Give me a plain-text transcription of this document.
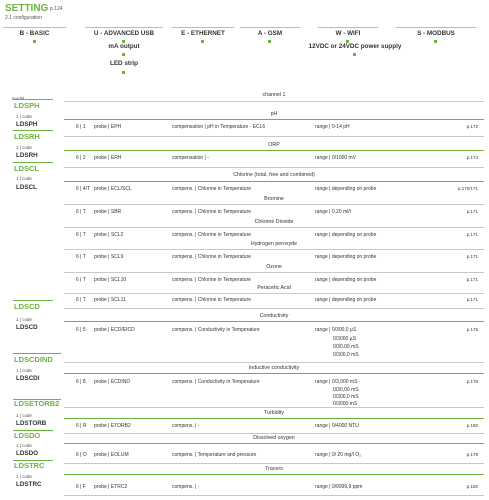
SETTING p.124
2.1 configuration
B - BASIC	U - ADVANCED USB	E - ETHERNET	A - GSM	W - WIFI	S - MODBUS
mA output	12VDC or 24VDC power supply
LED strip
channel 1
LDSPH
pH
1 | code
LDSPH	6 | 1 probe | EPH	compensation | pH in Temperature - ECL6	range | 0-14 pH	p.172
LDSRH
ORP
1 | code
LDSRH	6 | 2 probe | ERH	compensation | -	range | 0/1000 mV	p.173
LDSCL
Chlorine (total, free and combined)
1 | code
LDSCL	6 | 4/T probe | ECL/SCL	compens. | Chlorine in Temperature	range | depending on probe	p.170/171
Bromine
6 | T probe | SBR	compens. | Chlorine in Temperature	range | 0.20 ml/l	p.171
Chlorine Dioxide
6 | T probe | SCL2	compens. | Chlorine in Temperature	range | depending on probe	p.171
Hydrogen peroxyde
6 | T probe | SCL9	compens. | Chlorine in Temperature	range | depending on probe	p.171
Ozone
6 | T probe | SCL10	compens. | Chlorine in Temperature	range | depending on probe	p.171
Peracetic Acid
6 | T probe | SCL11	compens. | Chlorine in Temperature	range | depending on probe	p.171
LDSCD
Conductivity
1 | code
LDSCD	6 | 5 probe | ECD/EICD	compens. | Conductivity in Temperature	range | 0/300,0 µS
0/3000 µS
0/30,00 mS
0/300,0 mS
p.175
LDSCDIND
Inductive conductivity
1 | code
LDSCDI	6 | 8 probe | ECDIND	compens. | Conductivity in Temperature	range | 0/3,000 mS
0/30,00 mS
0/300,0 mS
0/3000 mS
p.178
LDSETORB2
Turbidity
1 | code
LDSTORB	6 | R probe | ETORB2	compens. | -	range | 0/4000 NTU	p.180
LDSDO	Dissolved oxygen
1 | code
LDSDO	6 | O probe | EOLUM	compens. | Temperature and pressure	range | 0/ 20 mg/l O₂	p.179
LDSTRC	Tracers
1 | code
LDSTRC	6 | F probe | ETRC2	compens. | -	range | 0/9999,9 ppm	p.180
